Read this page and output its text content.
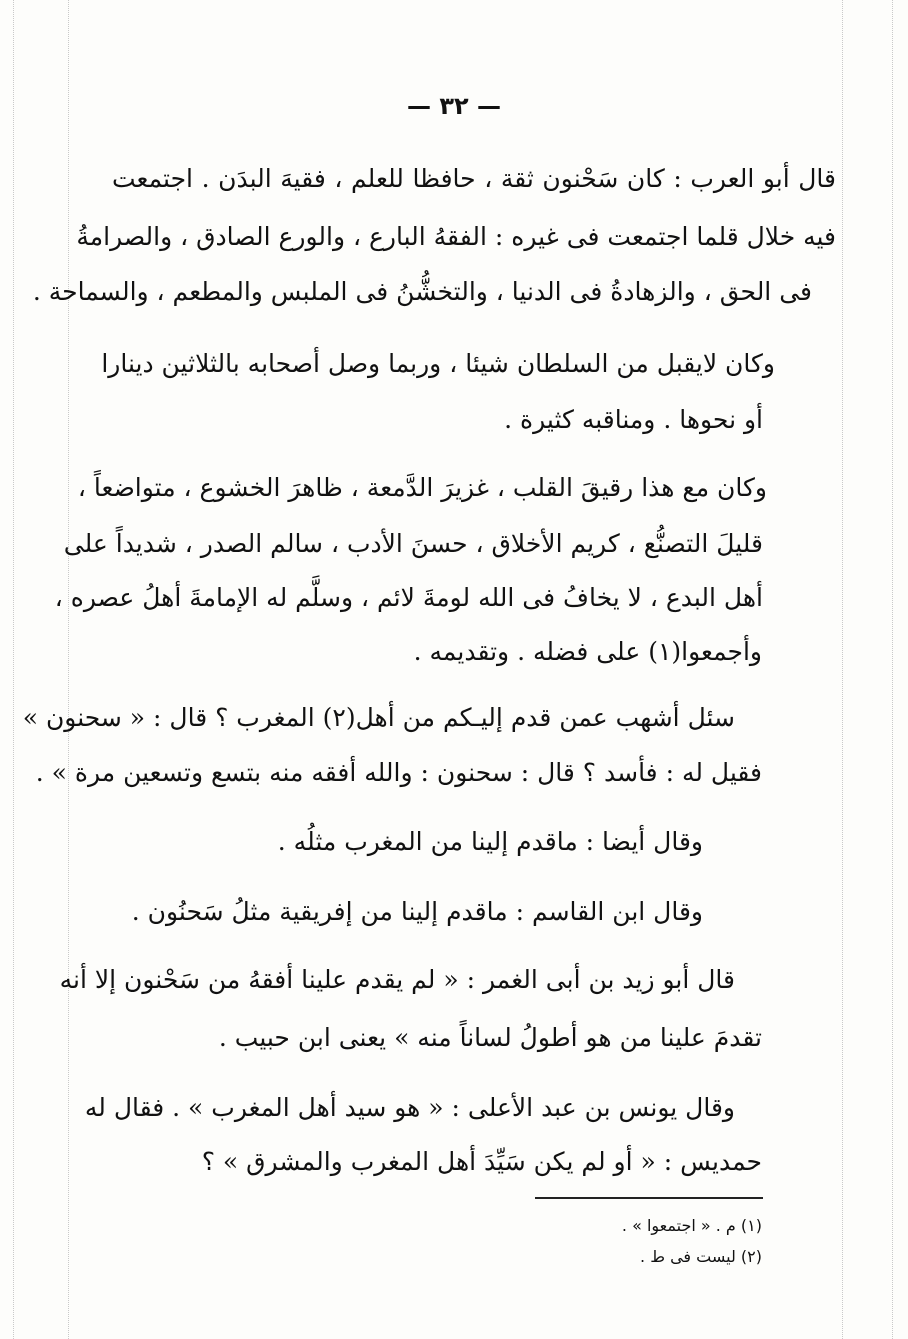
— ٣٢ —
قال أبو العرب : كان سَحْنون ثقة ، حافظا للعلم ، فقيهَ البدَن . اجتمعت
فيه خلال قلما اجتمعت فى غيره : الفقهُ البارع ، والورع الصادق ، والصرامةُ
فى الحق ، والزهادةُ فى الدنيا ، والتخشُّنُ فى الملبس والمطعم ، والسماحة .
وكان لايقبل من السلطان شيئا ، وربما وصل أصحابه بالثلاثين دينارا
أو نحوها . ومناقبه كثيرة .
وكان مع هذا رقيقَ القلب ، غزيرَ الدَّمعة ، ظاهرَ الخشوع ، متواضعاً ،
قليلَ التصنُّع ، كريم الأخلاق ، حسنَ الأدب ، سالم الصدر ، شديداً على
أهل البدع ، لا يخافُ فى الله لومةَ لائم ، وسلَّم له الإمامةَ أهلُ عصره ،
وأجمعوا(١) على فضله . وتقديمه .
سئل أشهب عمن قدم إليـكم من أهل(٢) المغرب ؟ قال : « سحنون »
فقيل له : فأسد ؟ قال : سحنون : والله أفقه منه بتسع وتسعين مرة » .
وقال أيضا : ماقدم إلينا من المغرب مثلُه .
وقال ابن القاسم : ماقدم إلينا من إفريقية مثلُ سَحنُون .
قال أبو زيد بن أبى الغمر : « لم يقدم علينا أفقهُ من سَحْنون إلا أنه
تقدمَ علينا من هو أطولُ لساناً منه » يعنى ابن حبيب .
وقال يونس بن عبد الأعلى : « هو سيد أهل المغرب » . فقال له
حمديس : « أو لم يكن سَيِّدَ أهل المغرب والمشرق » ؟
(١) م . « اجتمعوا » .
(٢) ليست فى ط .
